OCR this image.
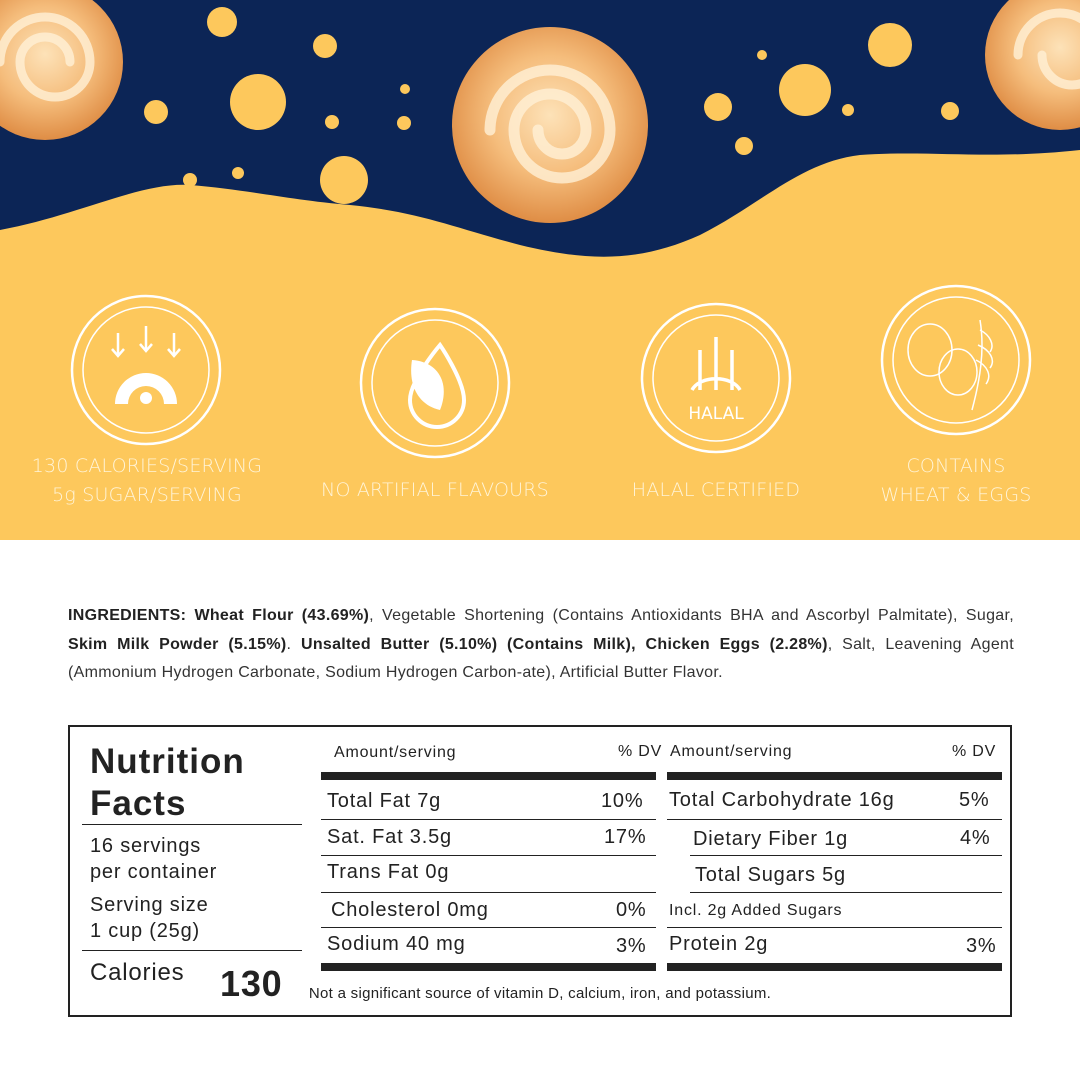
HALAL
130 CALORIES/SERVING
5g SUGAR/SERVING	NO ARTIFIAL FLAVOURS	HALAL CERTIFIED
CONTAINS
WHEAT & EGGS
INGREDIENTS: Wheat Flour (43.69%), Vegetable Shortening (Contains Antioxidants BHA and Ascorbyl Palmitate), Sugar, Skim Milk Powder (5.15%). Unsalted Butter (5.10%) (Contains Milk), Chicken Eggs (2.28%), Salt, Leavening Agent (Ammonium Hydrogen Carbonate, Sodium Hydrogen Carbon-ate), Artificial Butter Flavor.
Nutrition
Facts
16 servings
per container
Serving size
1 cup (25g)
Calories 130
Amount/serving	% DV Amount/serving	% DV
Total Fat 7g	10%
Sat. Fat 3.5g	17%
Trans Fat 0g
Cholesterol 0mg	0%
Sodium 40 mg	3%
Total Carbohydrate 16g	5%
Dietary Fiber 1g	4%
Total Sugars 5g
Incl. 2g Added Sugars
Protein 2g	3%
Not a significant source of vitamin D, calcium, iron, and potassium.
